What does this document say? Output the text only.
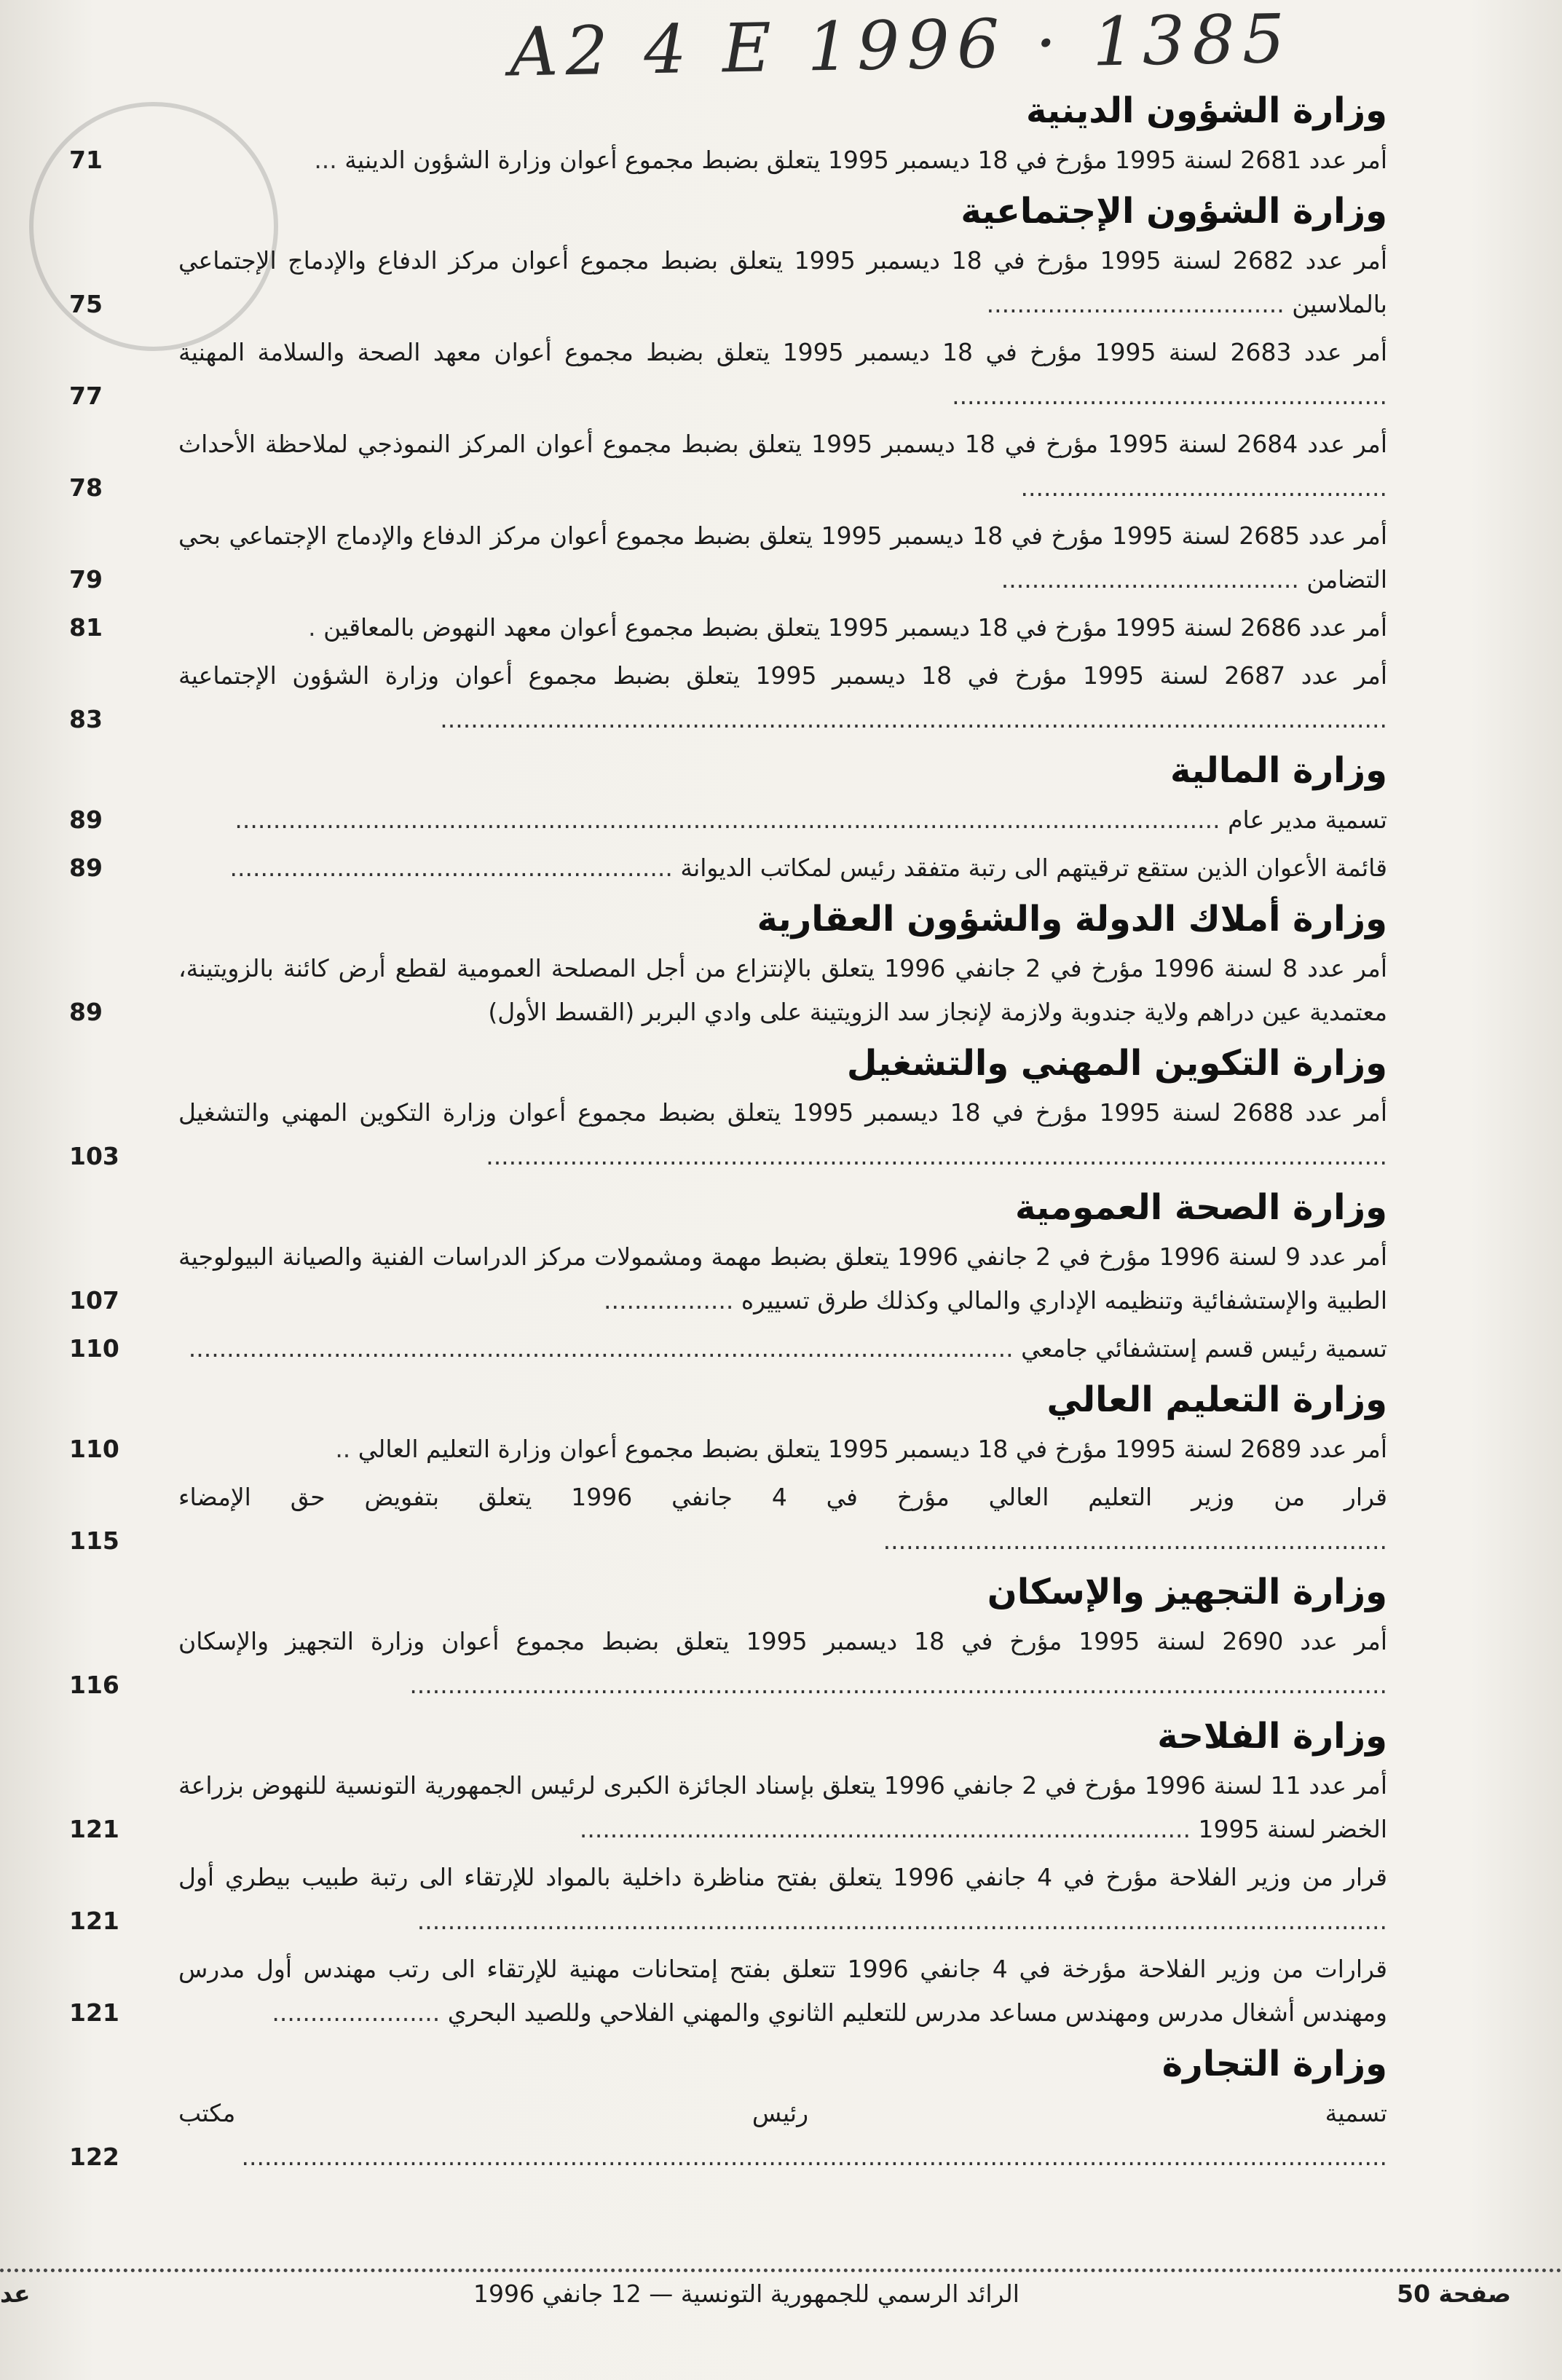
A2 4 E 1996 · 1385
وزارة الشؤون الدينية
أمر عدد 2681 لسنة 1995 مؤرخ في 18 ديسمبر 1995 يتعلق بضبط مجموع أعوان وزارة الشؤون الدينية ...
71
وزارة الشؤون الإجتماعية
أمر عدد 2682 لسنة 1995 مؤرخ في 18 ديسمبر 1995 يتعلق بضبط مجموع أعوان مركز الدفاع والإدماج الإجتماعي بالملاسين .......................................
75
أمر عدد 2683 لسنة 1995 مؤرخ في 18 ديسمبر 1995 يتعلق بضبط مجموع أعوان معهد الصحة والسلامة المهنية .........................................................
77
أمر عدد 2684 لسنة 1995 مؤرخ في 18 ديسمبر 1995 يتعلق بضبط مجموع أعوان المركز النموذجي لملاحظة الأحداث ................................................
78
أمر عدد 2685 لسنة 1995 مؤرخ في 18 ديسمبر 1995 يتعلق بضبط مجموع أعوان مركز الدفاع والإدماج الإجتماعي بحي التضامن .......................................
79
أمر عدد 2686 لسنة 1995 مؤرخ في 18 ديسمبر 1995 يتعلق بضبط مجموع أعوان معهد النهوض بالمعاقين .
81
أمر عدد 2687 لسنة 1995 مؤرخ في 18 ديسمبر 1995 يتعلق بضبط مجموع أعوان وزارة الشؤون الإجتماعية ............................................................................................................................
83
وزارة المالية
تسمية مدير عام .................................................................................................................................
89
قائمة الأعوان الذين ستقع ترقيتهم الى رتبة متفقد رئيس لمكاتب الديوانة ..........................................................
89
وزارة أملاك الدولة والشؤون العقارية
أمر عدد 8 لسنة 1996 مؤرخ في 2 جانفي 1996 يتعلق بالإنتزاع من أجل المصلحة العمومية لقطع أرض كائنة بالزويتينة، معتمدية عين دراهم ولاية جندوبة ولازمة لإنجاز سد الزويتينة على وادي البربر (القسط الأول)
89
وزارة التكوين المهني والتشغيل
أمر عدد 2688 لسنة 1995 مؤرخ في 18 ديسمبر 1995 يتعلق بضبط مجموع أعوان وزارة التكوين المهني والتشغيل ......................................................................................................................
103
وزارة الصحة العمومية
أمر عدد 9 لسنة 1996 مؤرخ في 2 جانفي 1996 يتعلق بضبط مهمة ومشمولات مركز الدراسات الفنية والصيانة البيولوجية الطبية والإستشفائية وتنظيمه الإداري والمالي وكذلك طرق تسييره .................
107
تسمية رئيس قسم إستشفائي جامعي ............................................................................................................
110
وزارة التعليم العالي
أمر عدد 2689 لسنة 1995 مؤرخ في 18 ديسمبر 1995 يتعلق بضبط مجموع أعوان وزارة التعليم العالي ..
110
قرار من وزير التعليم العالي مؤرخ في 4 جانفي 1996 يتعلق بتفويض حق الإمضاء ..................................................................
115
وزارة التجهيز والإسكان
أمر عدد 2690 لسنة 1995 مؤرخ في 18 ديسمبر 1995 يتعلق بضبط مجموع أعوان وزارة التجهيز والإسكان ................................................................................................................................
116
وزارة الفلاحة
أمر عدد 11 لسنة 1996 مؤرخ في 2 جانفي 1996 يتعلق بإسناد الجائزة الكبرى لرئيس الجمهورية التونسية للنهوض بزراعة الخضر لسنة 1995 ................................................................................
121
قرار من وزير الفلاحة مؤرخ في 4 جانفي 1996 يتعلق بفتح مناظرة داخلية بالمواد للإرتقاء الى رتبة طبيب بيطري أول ...............................................................................................................................
121
قرارات من وزير الفلاحة مؤرخة في 4 جانفي 1996 تتعلق بفتح إمتحانات مهنية للإرتقاء الى رتب مهندس أول مدرس ومهندس أشغال مدرس ومهندس مساعد مدرس للتعليم الثانوي والمهني الفلاحي وللصيد البحري ......................
121
وزارة التجارة
تسمية رئيس مكتب ......................................................................................................................................................
122
صفحة 50
الرائد الرسمي للجمهورية التونسية — 12 جانفي 1996
عد
